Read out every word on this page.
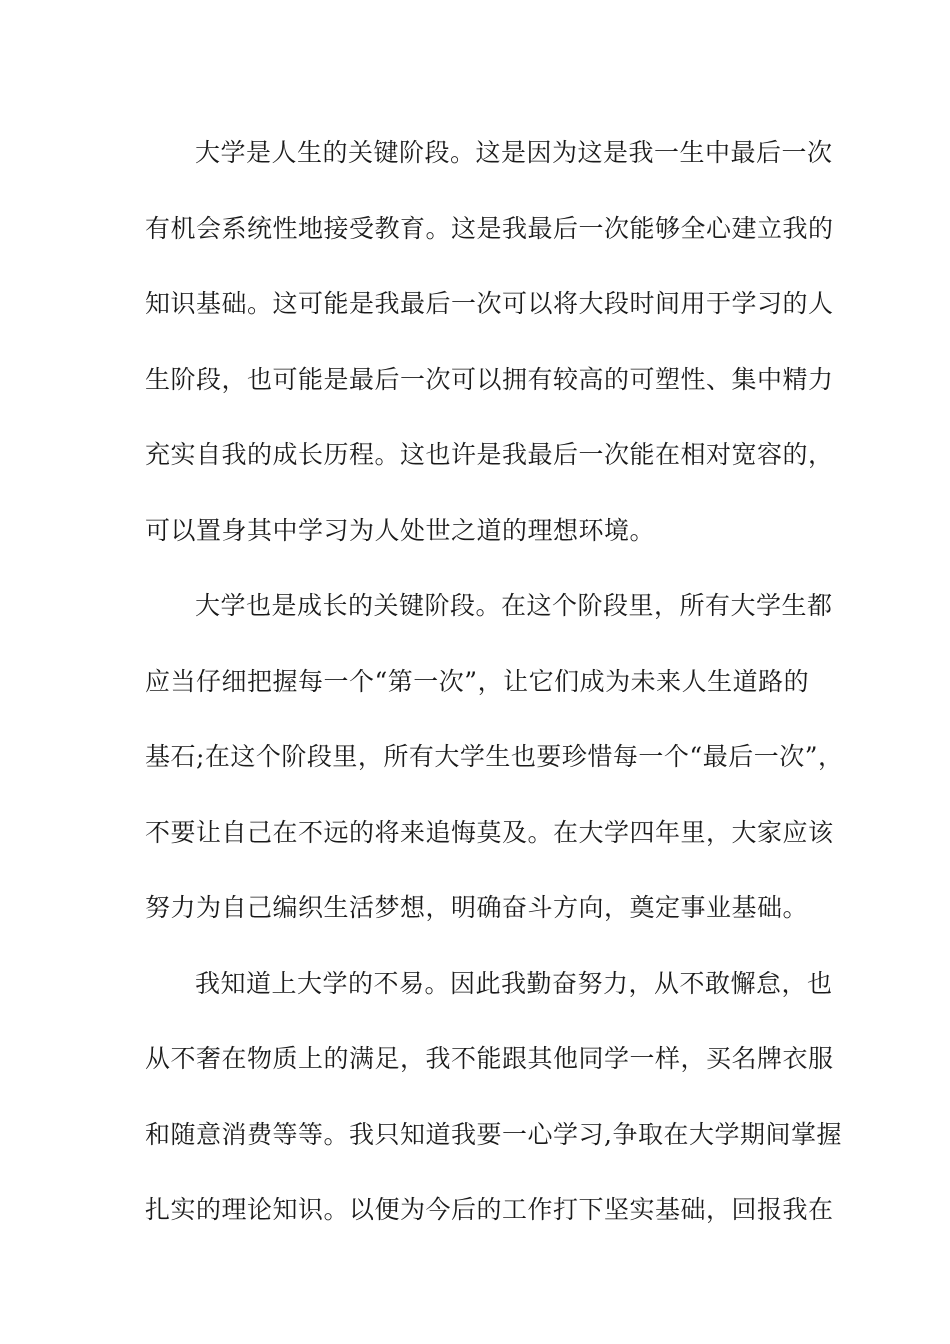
大学是人生的关键阶段。这是因为这是我一生中最后一次
有机会系统性地接受教育。这是我最后一次能够全心建立我的
知识基础。这可能是我最后一次可以将大段时间用于学习的人
生阶段，也可能是最后一次可以拥有较高的可塑性、集中精力
充实自我的成长历程。这也许是我最后一次能在相对宽容的，
可以置身其中学习为人处世之道的理想环境。
大学也是成长的关键阶段。在这个阶段里，所有大学生都
应当仔细把握每一个“第一次”，让它们成为未来人生道路的
基石;在这个阶段里，所有大学生也要珍惜每一个“最后一次”，
不要让自己在不远的将来追悔莫及。在大学四年里，大家应该
努力为自己编织生活梦想，明确奋斗方向，奠定事业基础。
我知道上大学的不易。因此我勤奋努力，从不敢懈怠，也
从不奢在物质上的满足，我不能跟其他同学一样，买名牌衣服
和随意消费等等。我只知道我要一心学习,争取在大学期间掌握
扎实的理论知识。以便为今后的工作打下坚实基础，回报我在
